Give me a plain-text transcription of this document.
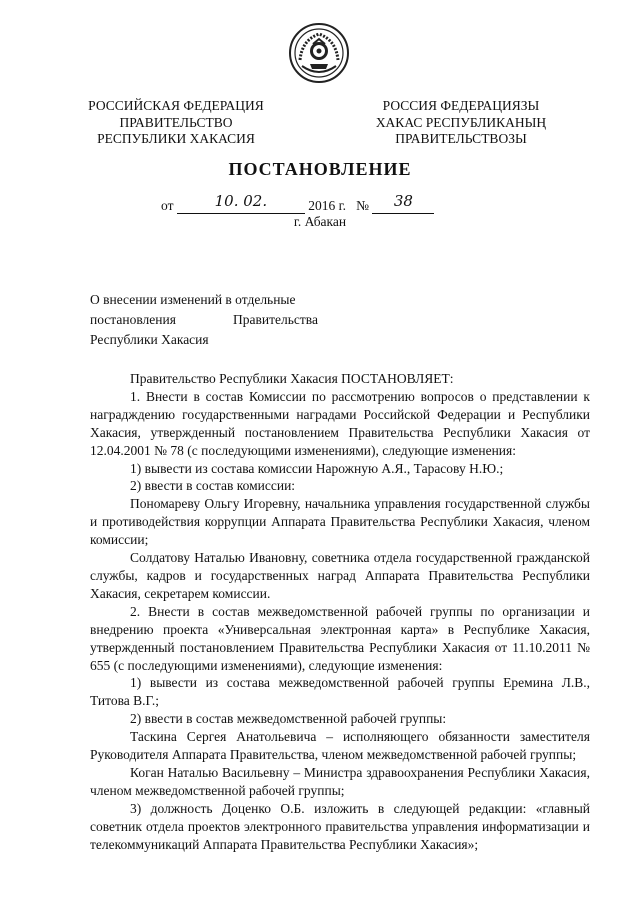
РОССИЙСКАЯ ФЕДЕРАЦИЯ
ПРАВИТЕЛЬСТВО
РЕСПУБЛИКИ ХАКАСИЯ
РОССИЯ ФЕДЕРАЦИЯЗЫ
ХАКАС РЕСПУБЛИКАНЫҢ
ПРАВИТЕЛЬСТВОЗЫ
ПОСТАНОВЛЕНИЕ
от	10. 02.	2016 г. №	38
г. Абакан
О внесении изменений в отдельные
постановления Правительства
Республики Хакасия

Правительство Республики Хакасия ПОСТАНОВЛЯЕТ:

1. Внести в состав Комиссии по рассмотрению вопросов о представлении к наградждению государственными наградами Российской Федерации и Республики Хакасия, утвержденный постановлением Правительства Республики Хакасия от 12.04.2001 № 78 (с последующими изменениями), следующие изменения:

1) вывести из состава комиссии Нарожную А.Я., Тарасову Н.Ю.;

2) ввести в состав комиссии:

Пономареву Ольгу Игоревну, начальника управления государственной службы и противодействия коррупции Аппарата Правительства Республики Хакасия, членом комиссии;

Солдатову Наталью Ивановну, советника отдела государственной гражданской службы, кадров и государственных наград Аппарата Правительства Республики Хакасия, секретарем комиссии.

2. Внести в состав межведомственной рабочей группы по организации и внедрению проекта «Универсальная электронная карта» в Республике Хакасия, утвержденный постановлением Правительства Республики Хакасия от 11.10.2011 № 655 (с последующими изменениями), следующие изменения:

1) вывести из состава межведомственной рабочей группы Еремина Л.В., Титова В.Г.;

2) ввести в состав межведомственной рабочей группы:

Таскина Сергея Анатольевича – исполняющего обязанности заместителя Руководителя Аппарата Правительства, членом межведомственной рабочей группы;

Коган Наталью Васильевну – Министра здравоохранения Республики Хакасия, членом межведомственной рабочей группы;

3) должность Доценко О.Б. изложить в следующей редакции: «главный советник отдела проектов электронного правительства управления информатизации и телекоммуникаций Аппарата Правительства Республики Хакасия»;
